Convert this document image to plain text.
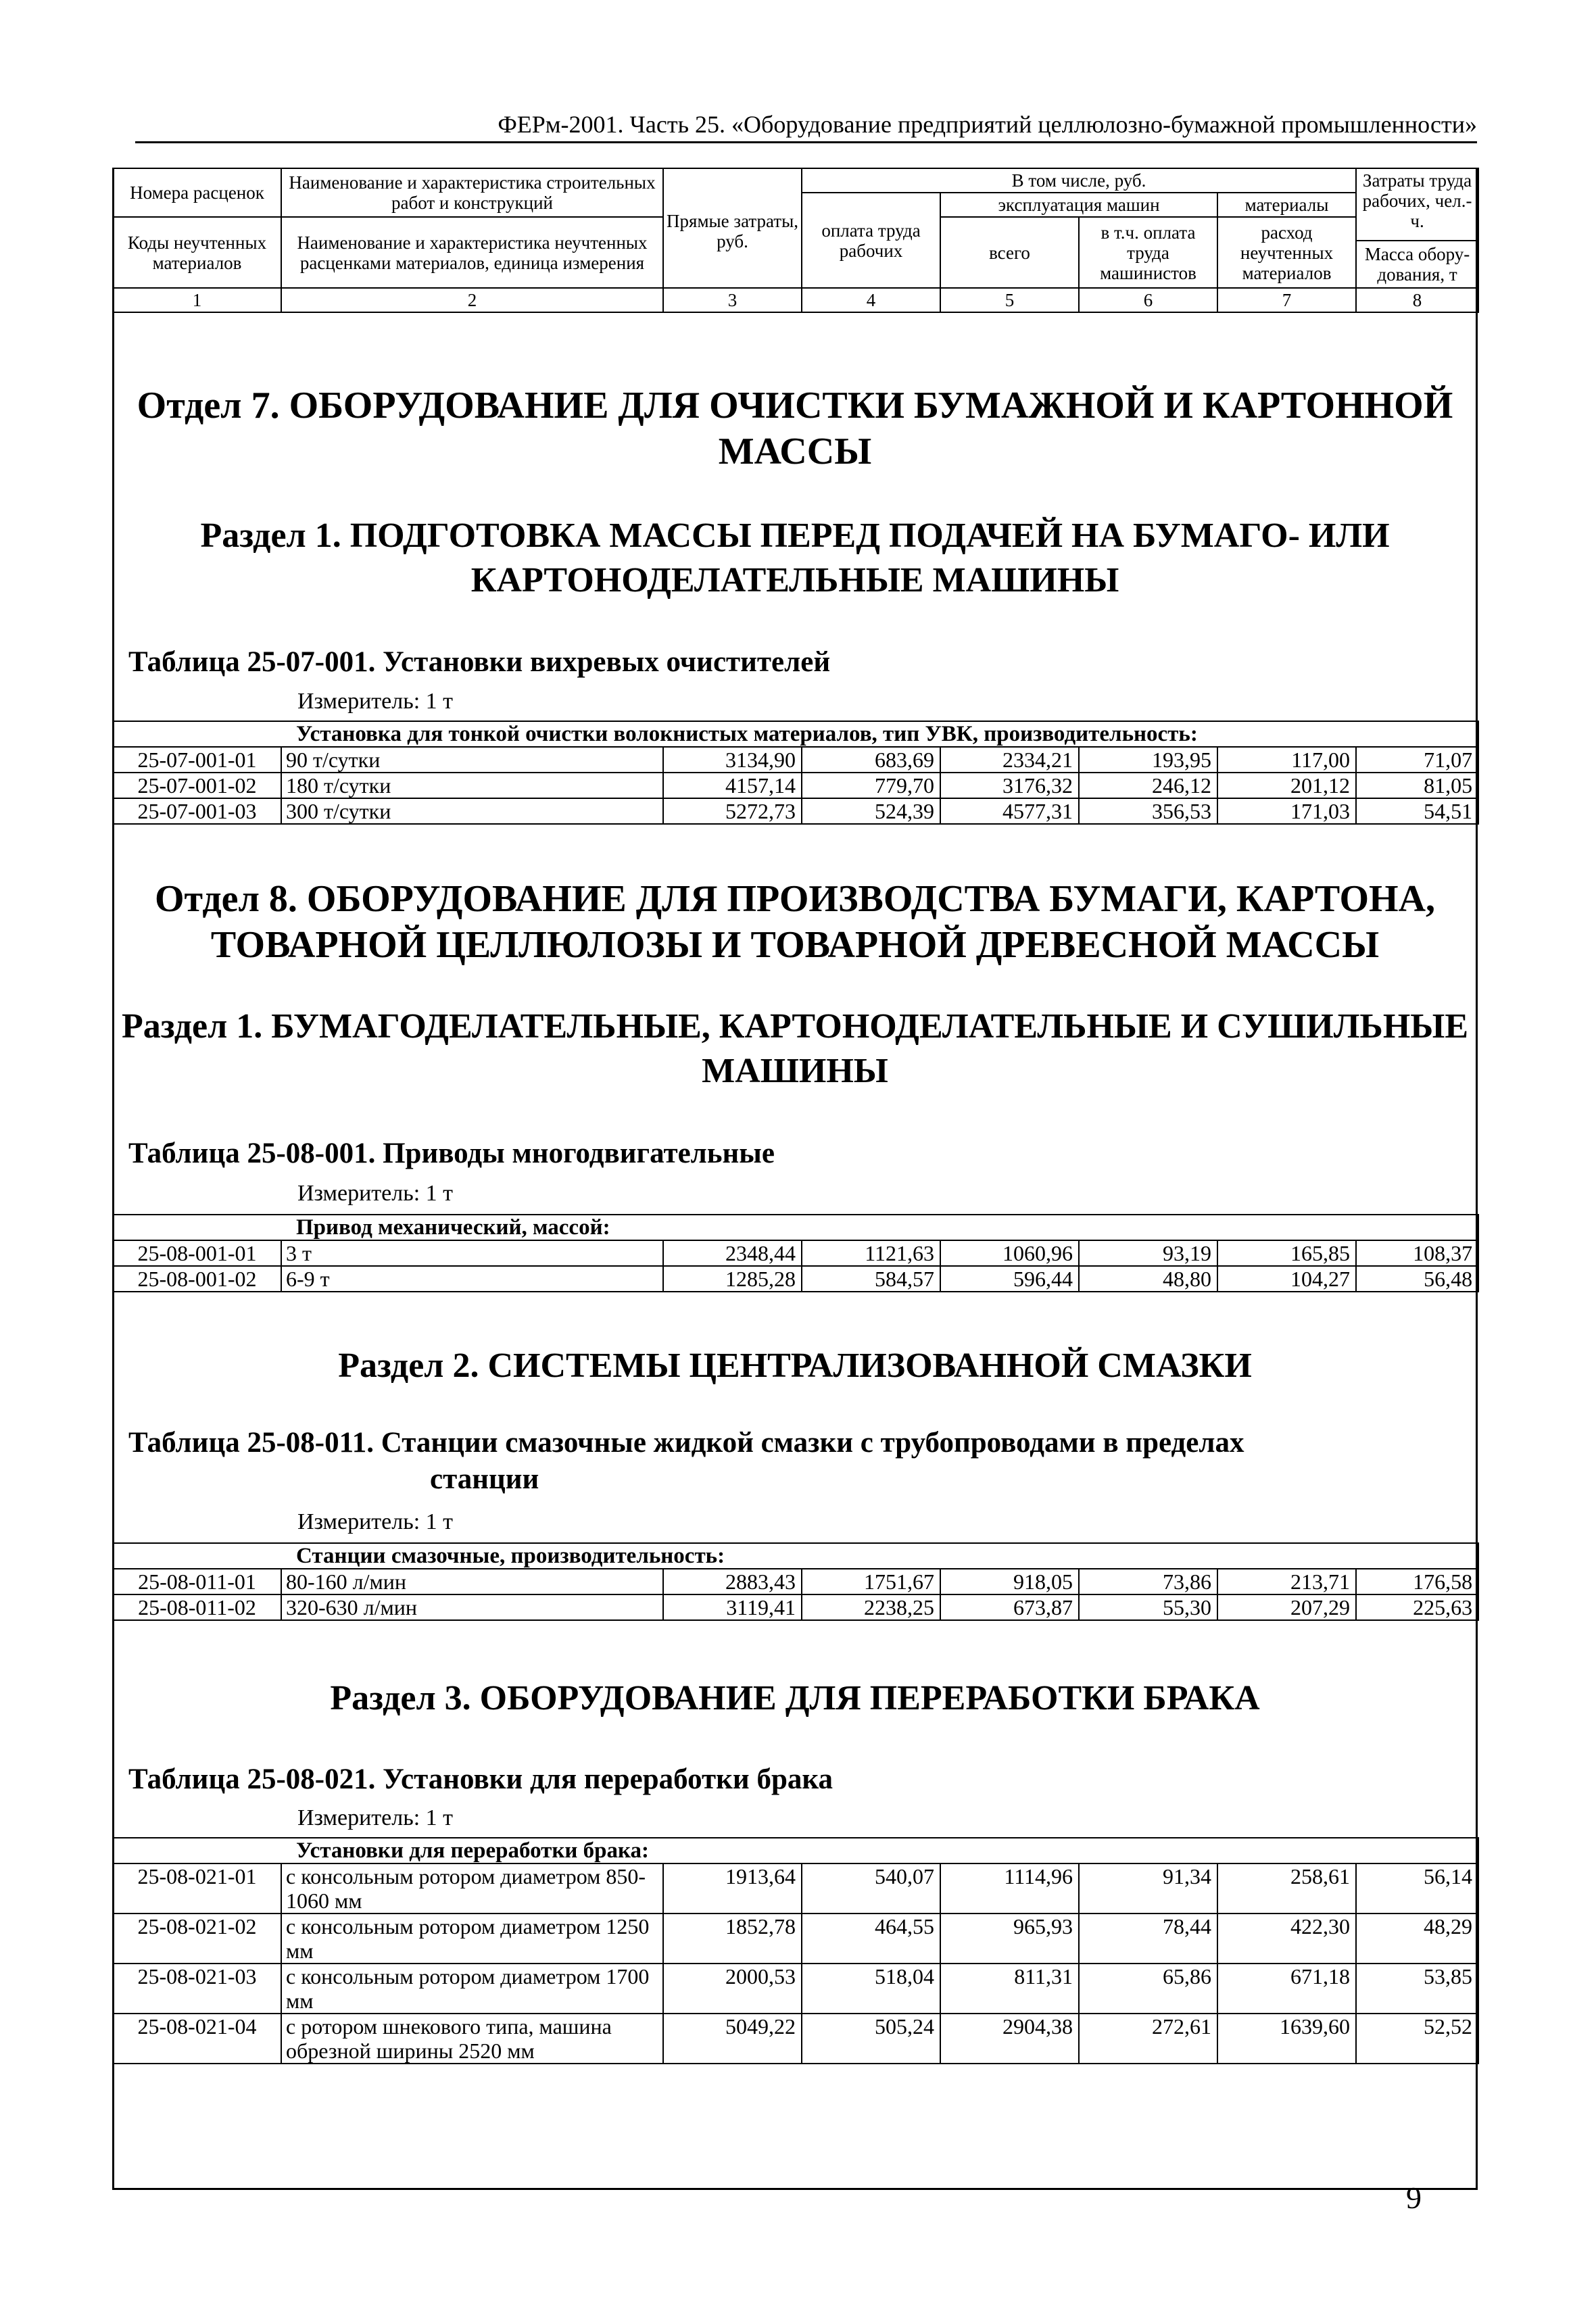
ФЕРм-2001. Часть 25. «Оборудование предприятий целлюлозно-бумажной промышленности»
Номера расценок	Наименование и характеристика строительных работ и конструкций	Прямые затраты, руб.	В том числе, руб.				Затраты труда рабочих, чел.-ч.
			оплата труда рабочих	эксплуатация машин		материалы	
Коды неучтенных материалов	Наименование и характеристика неучтенных расценками материалов, единица измерения			всего	в т.ч. оплата труда машинистов	расход неучтенных материалов	
							Масса обору-дования, т
1	2	3	4	5	6	7	8
Отдел 7. ОБОРУДОВАНИЕ ДЛЯ ОЧИСТКИ БУМАЖНОЙ И КАРТОННОЙ МАССЫ
Раздел 1. ПОДГОТОВКА МАССЫ ПЕРЕД ПОДАЧЕЙ НА БУМАГО- ИЛИ КАРТОНОДЕЛАТЕЛЬНЫЕ МАШИНЫ
Таблица 25-07-001. Установки вихревых очистителей
Измеритель: 1 т
Установка для тонкой очистки волокнистых материалов, тип УВК, производительность:							
25-07-001-01	90 т/сутки	3134,90	683,69	2334,21	193,95	117,00	71,07
25-07-001-02	180 т/сутки	4157,14	779,70	3176,32	246,12	201,12	81,05
25-07-001-03	300 т/сутки	5272,73	524,39	4577,31	356,53	171,03	54,51
Отдел 8. ОБОРУДОВАНИЕ ДЛЯ ПРОИЗВОДСТВА БУМАГИ, КАРТОНА, ТОВАРНОЙ ЦЕЛЛЮЛОЗЫ И ТОВАРНОЙ ДРЕВЕСНОЙ МАССЫ
Раздел 1. БУМАГОДЕЛАТЕЛЬНЫЕ, КАРТОНОДЕЛАТЕЛЬНЫЕ И СУШИЛЬНЫЕ МАШИНЫ
Таблица 25-08-001. Приводы многодвигательные
Измеритель: 1 т
Привод механический, массой:							
25-08-001-01	3 т	2348,44	1121,63	1060,96	93,19	165,85	108,37
25-08-001-02	6-9 т	1285,28	584,57	596,44	48,80	104,27	56,48
Раздел 2. СИСТЕМЫ ЦЕНТРАЛИЗОВАННОЙ СМАЗКИ
Таблица 25-08-011. Станции смазочные жидкой смазки с трубопроводами в пределах
станции
Измеритель: 1 т
Станции смазочные, производительность:							
25-08-011-01	80-160 л/мин	2883,43	1751,67	918,05	73,86	213,71	176,58
25-08-011-02	320-630 л/мин	3119,41	2238,25	673,87	55,30	207,29	225,63
Раздел 3. ОБОРУДОВАНИЕ ДЛЯ ПЕРЕРАБОТКИ БРАКА
Таблица 25-08-021. Установки для переработки брака
Измеритель: 1 т
Установки для переработки брака:							
25-08-021-01	с консольным ротором диаметром 850-1060 мм	1913,64	540,07	1114,96	91,34	258,61	56,14
25-08-021-02	с консольным ротором диаметром 1250 мм	1852,78	464,55	965,93	78,44	422,30	48,29
25-08-021-03	с консольным ротором диаметром 1700 мм	2000,53	518,04	811,31	65,86	671,18	53,85
25-08-021-04	с ротором шнекового типа, машина обрезной ширины 2520 мм	5049,22	505,24	2904,38	272,61	1639,60	52,52
9
